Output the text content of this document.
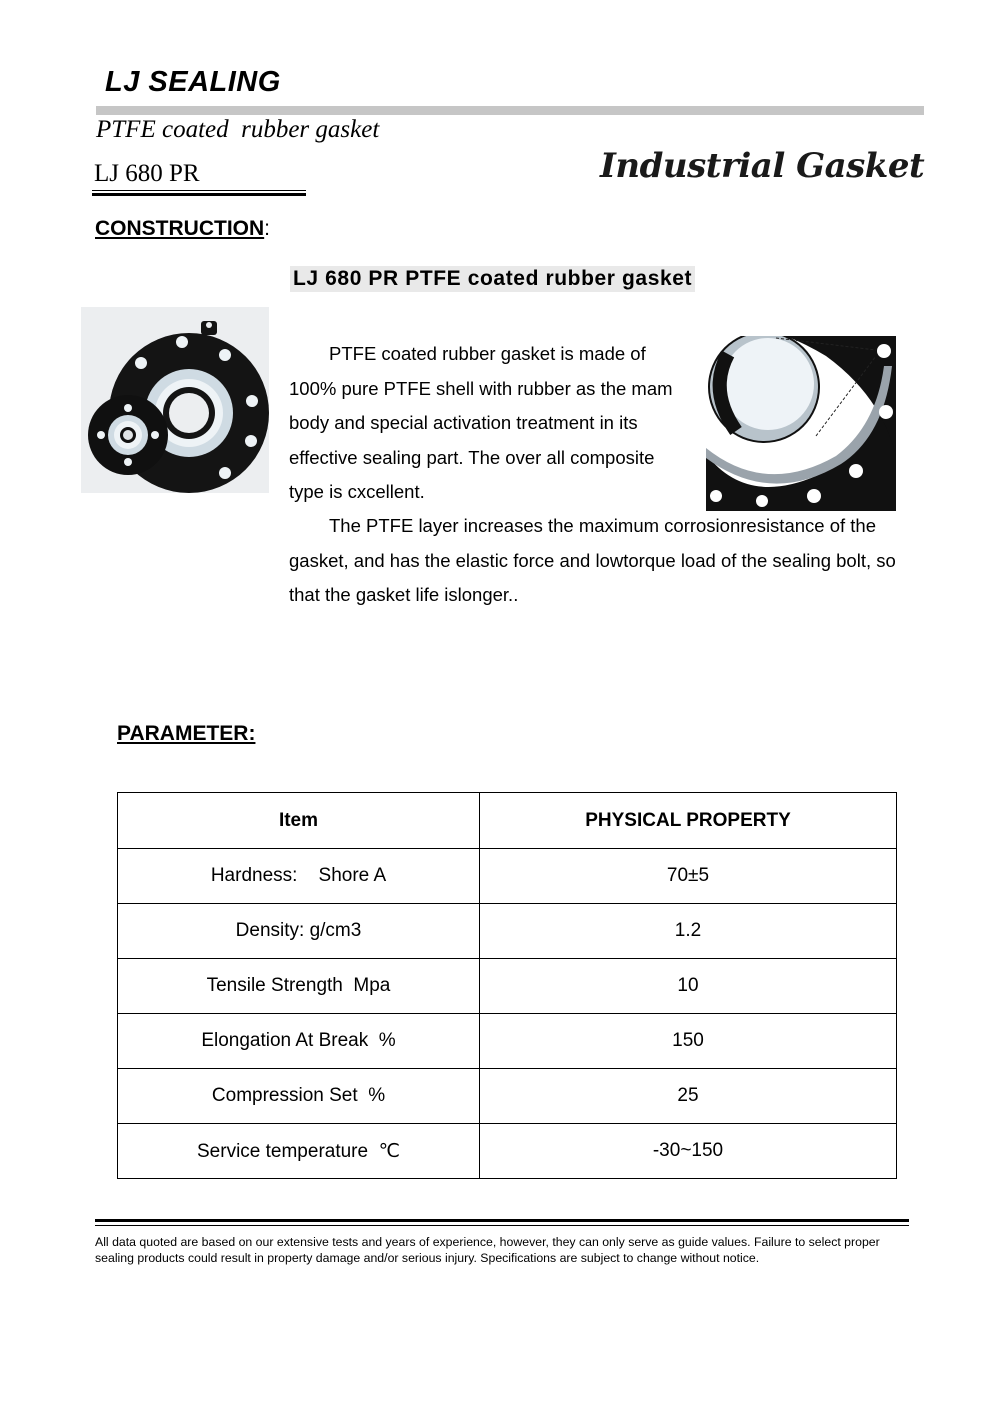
LJ SEALING
PTFE coated  rubber gasket
LJ 680 PR	Industrial Gasket
CONSTRUCTION:
LJ 680 PR PTFE coated rubber gasket

PTFE coated rubber gasket is made of 100% pure PTFE shell with rubber as the mam body and special activation treatment in its effective sealing part. The over all composite type is cxcellent.

The PTFE layer increases the maximum corrosionresistance of the gasket, and has the elastic force and lowtorque load of the sealing bolt, so that the gasket life islonger..

PARAMETER:
Item	PHYSICAL PROPERTY
Hardness:    Shore A	70±5
Density: g/cm3	1.2
Tensile Strength  Mpa	10
Elongation At Break  %	150
Compression Set  %	25
Service temperature  ℃	-30~150
All data quoted are based on our extensive tests and years of experience, however, they can only serve as guide values. Failure to select proper sealing products could result in property damage and/or serious injury. Specifications are subject to change without notice.
